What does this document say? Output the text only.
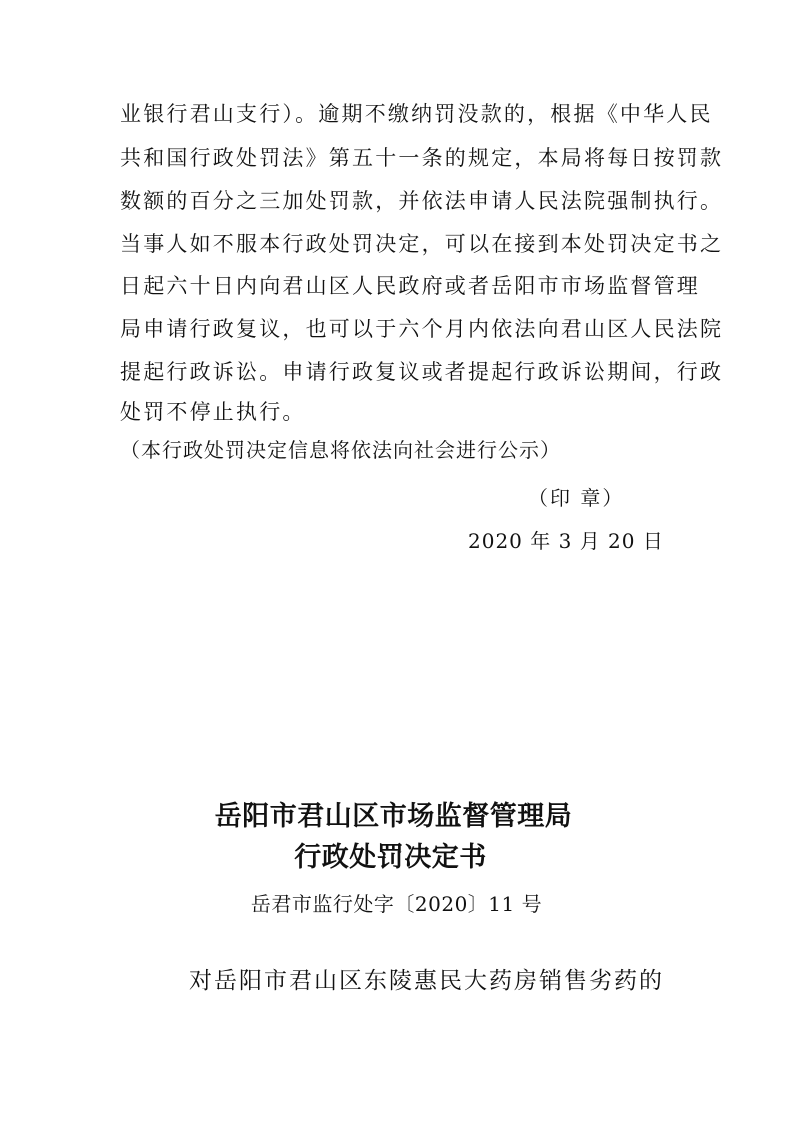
业银行君山支行）。逾期不缴纳罚没款的，根据《中华人民
共和国行政处罚法》第五十一条的规定，本局将每日按罚款
数额的百分之三加处罚款，并依法申请人民法院强制执行。
当事人如不服本行政处罚决定，可以在接到本处罚决定书之
日起六十日内向君山区人民政府或者岳阳市市场监督管理
局申请行政复议，也可以于六个月内依法向君山区人民法院
提起行政诉讼。申请行政复议或者提起行政诉讼期间，行政
处罚不停止执行。
（本行政处罚决定信息将依法向社会进行公示）
（印 章）
2020 年 3 月 20 日
岳阳市君山区市场监督管理局
行政处罚决定书
岳君市监行处字〔2020〕11 号
对岳阳市君山区东陵惠民大药房销售劣药的
